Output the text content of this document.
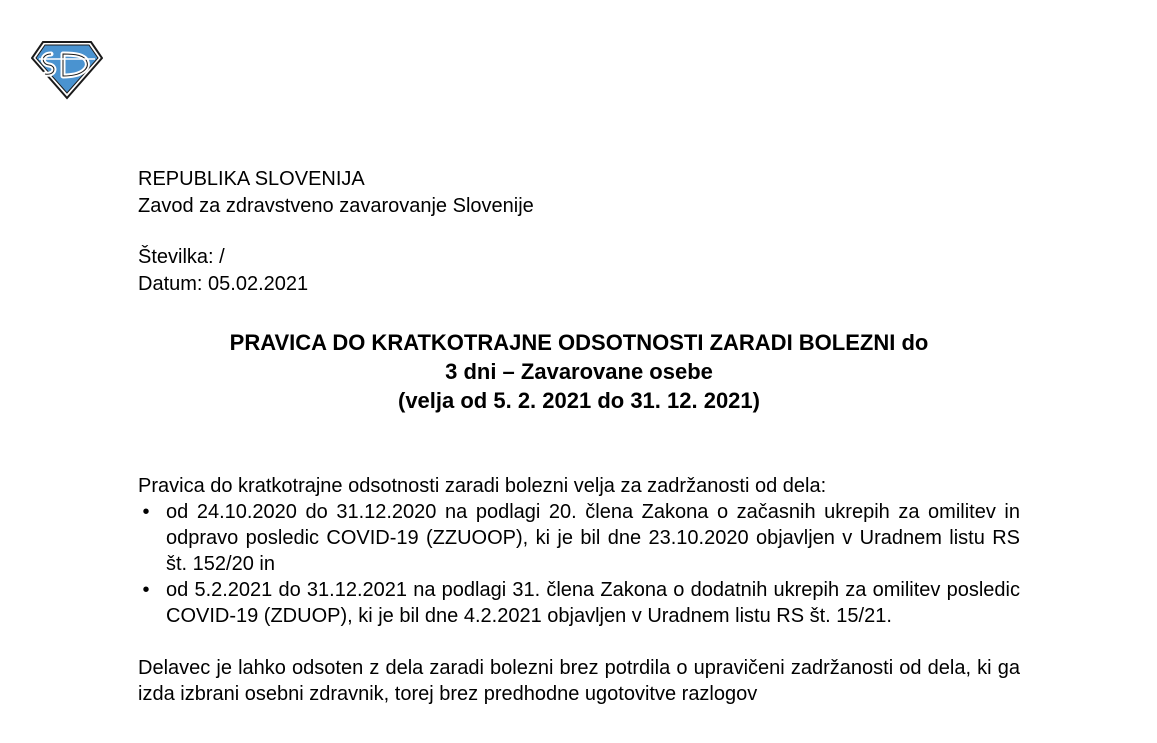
REPUBLIKA SLOVENIJA
Zavod za zdravstveno zavarovanje Slovenije
Številka: /
Datum: 05.02.2021
PRAVICA DO KRATKOTRAJNE ODSOTNOSTI ZARADI BOLEZNI do
3 dni – Zavarovane osebe
(velja od 5. 2. 2021 do 31. 12. 2021)

Pravica do kratkotrajne odsotnosti zaradi bolezni velja za zadržanosti od dela:

• od 24.10.2020 do 31.12.2020 na podlagi 20. člena Zakona o začasnih ukrepih za omilitev in odpravo posledic COVID-19 (ZZUOOP), ki je bil dne 23.10.2020 objavljen v Uradnem listu RS št. 152/20 in
• od 5.2.2021 do 31.12.2021 na podlagi 31. člena Zakona o dodatnih ukrepih za omilitev posledic COVID-19 (ZDUOP), ki je bil dne 4.2.2021 objavljen v Uradnem listu RS št. 15/21.

Delavec je lahko odsoten z dela zaradi bolezni brez potrdila o upravičeni zadržanosti od dela, ki ga izda izbrani osebni zdravnik, torej brez predhodne ugotovitve razlogov
